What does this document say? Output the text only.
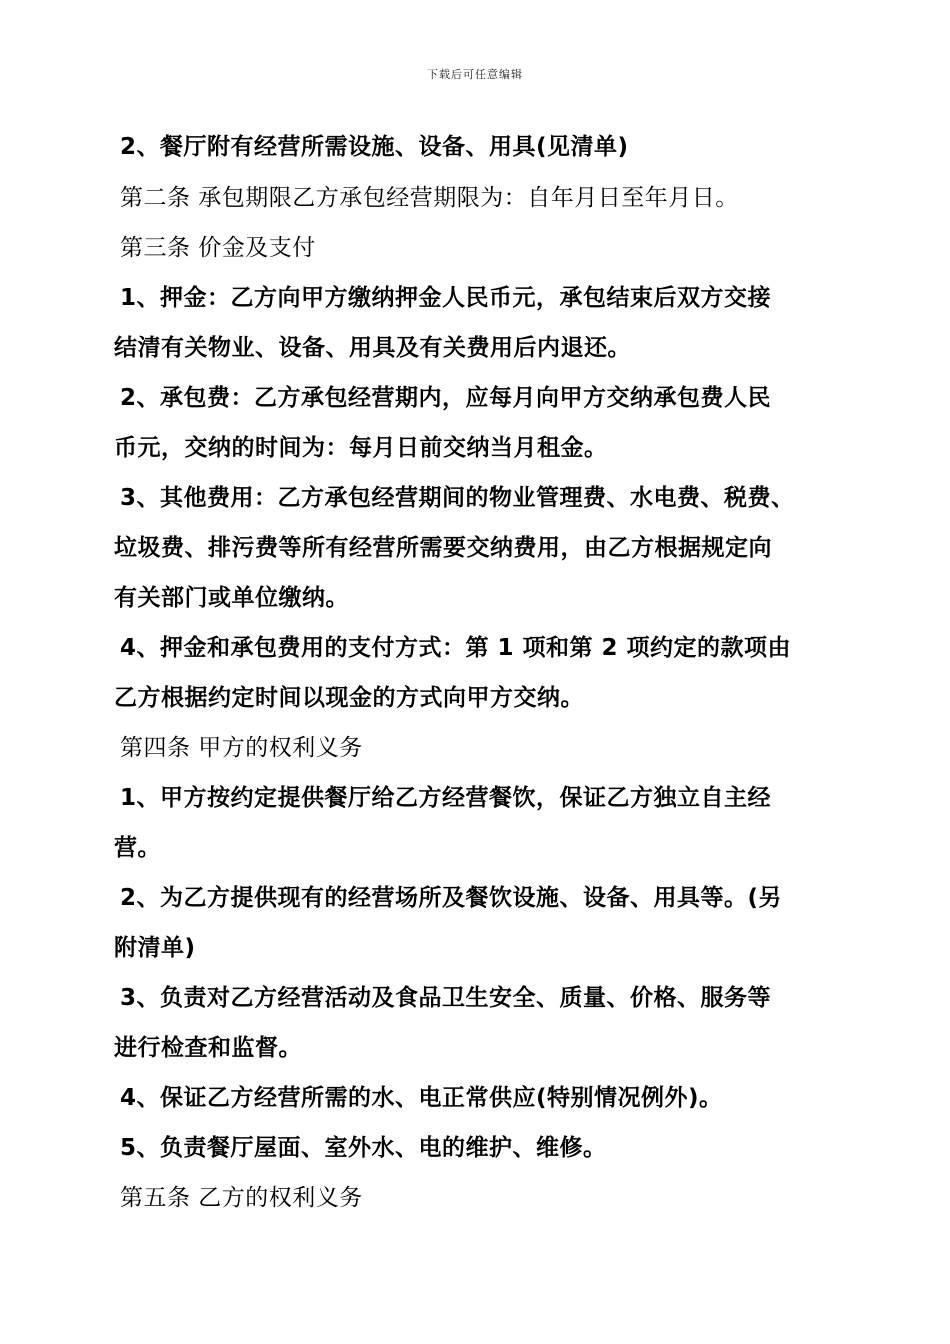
下载后可任意编辑
2、餐厅附有经营所需设施、设备、用具(见清单)
第二条 承包期限乙方承包经营期限为：自年月日至年月日。
第三条 价金及支付
1、押金：乙方向甲方缴纳押金人民币元，承包结束后双方交接
结清有关物业、设备、用具及有关费用后内退还。
2、承包费：乙方承包经营期内，应每月向甲方交纳承包费人民
币元，交纳的时间为：每月日前交纳当月租金。
3、其他费用：乙方承包经营期间的物业管理费、水电费、税费、
垃圾费、排污费等所有经营所需要交纳费用，由乙方根据规定向
有关部门或单位缴纳。
4、押金和承包费用的支付方式：第 1 项和第 2 项约定的款项由
乙方根据约定时间以现金的方式向甲方交纳。
第四条 甲方的权利义务
1、甲方按约定提供餐厅给乙方经营餐饮，保证乙方独立自主经
营。
2、为乙方提供现有的经营场所及餐饮设施、设备、用具等。(另
附清单)
3、负责对乙方经营活动及食品卫生安全、质量、价格、服务等
进行检查和监督。
4、保证乙方经营所需的水、电正常供应(特别情况例外)。
5、负责餐厅屋面、室外水、电的维护、维修。
第五条 乙方的权利义务
